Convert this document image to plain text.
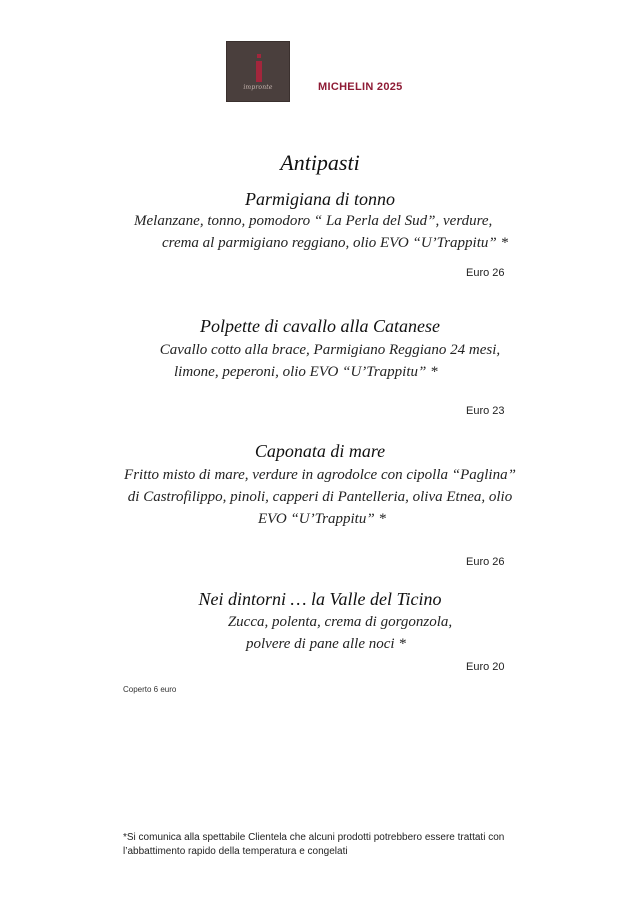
impronte	MICHELIN 2025
Antipasti
Parmigiana di tonno
Melanzane, tonno, pomodoro “ La Perla del Sud”, verdure,
crema al parmigiano reggiano, olio EVO “U’Trappitu” *
Euro 26
Polpette di cavallo alla Catanese
Cavallo cotto alla brace, Parmigiano Reggiano 24 mesi,
limone, peperoni, olio EVO “U’Trappitu” *
Euro 23
Caponata di mare
Fritto misto di mare, verdure in agrodolce con cipolla “Paglina”
di Castrofilippo, pinoli, capperi di Pantelleria, oliva Etnea, olio
EVO “U’Trappitu” *
Euro 26
Nei dintorni … la Valle del Ticino
Zucca, polenta, crema di gorgonzola,
polvere di pane alle noci *
Euro 20
Coperto 6 euro
*Si comunica alla spettabile Clientela che alcuni prodotti potrebbero essere trattati con
l’abbattimento rapido della temperatura e congelati
